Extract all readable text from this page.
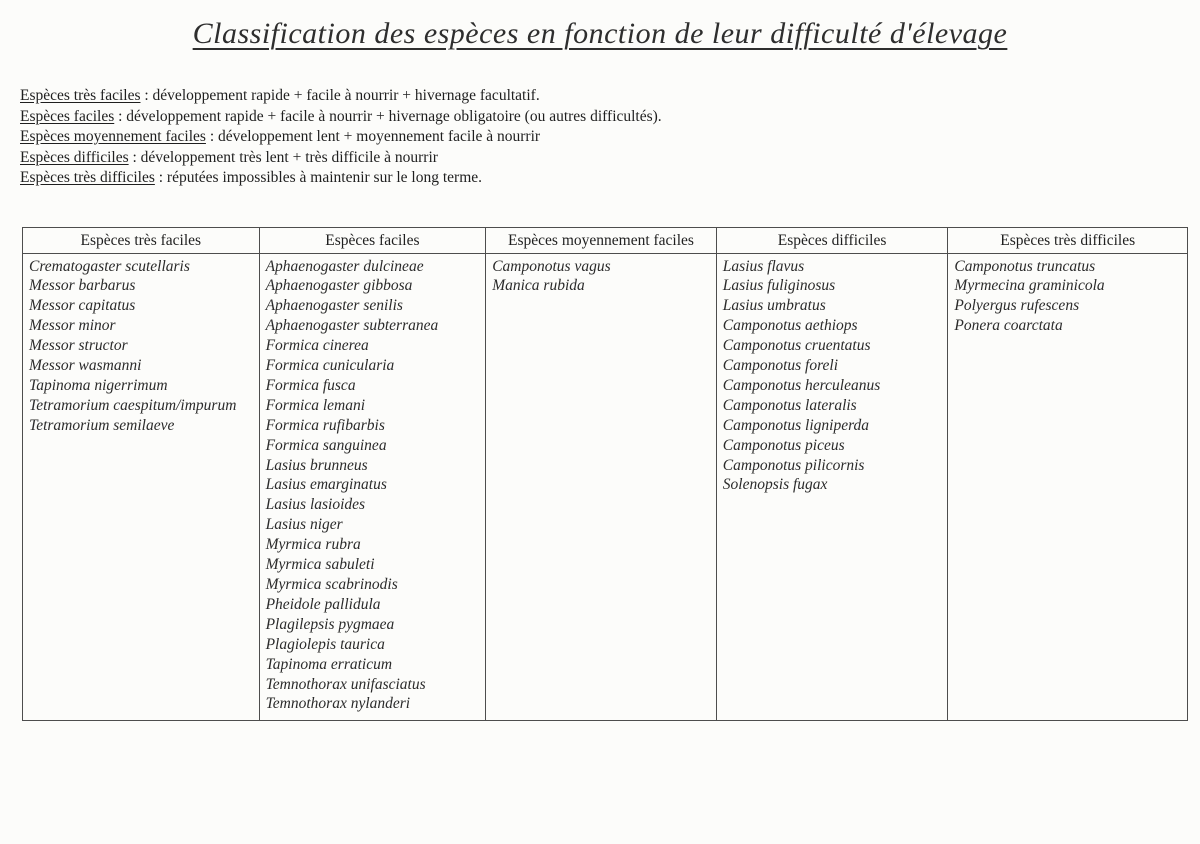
Classification des espèces en fonction de leur difficulté d'élevage
Espèces très faciles : développement rapide + facile à nourrir + hivernage facultatif.
Espèces faciles : développement rapide + facile à nourrir + hivernage obligatoire (ou autres difficultés).
Espèces moyennement faciles : développement lent + moyennement facile à nourrir
Espèces difficiles : développement très lent + très difficile à nourrir
Espèces très difficiles : réputées impossibles à maintenir sur le long terme.
Espèces très faciles
Crematogaster scutellaris
Messor barbarus
Messor capitatus
Messor minor
Messor structor
Messor wasmanni
Tapinoma nigerrimum
Tetramorium caespitum/impurum
Tetramorium semilaeve
Espèces faciles
Aphaenogaster dulcineae
Aphaenogaster gibbosa
Aphaenogaster senilis
Aphaenogaster subterranea
Formica cinerea
Formica cunicularia
Formica fusca
Formica lemani
Formica rufibarbis
Formica sanguinea
Lasius brunneus
Lasius emarginatus
Lasius lasioides
Lasius niger
Myrmica rubra
Myrmica sabuleti
Myrmica scabrinodis
Pheidole pallidula
Plagilepsis pygmaea
Plagiolepis taurica
Tapinoma erraticum
Temnothorax unifasciatus
Temnothorax nylanderi
Espèces moyennement faciles
Camponotus vagus
Manica rubida
Espèces difficiles
Lasius flavus
Lasius fuliginosus
Lasius umbratus
Camponotus aethiops
Camponotus cruentatus
Camponotus foreli
Camponotus herculeanus
Camponotus lateralis
Camponotus ligniperda
Camponotus piceus
Camponotus pilicornis
Solenopsis fugax
Espèces très difficiles
Camponotus truncatus
Myrmecina graminicola
Polyergus rufescens
Ponera coarctata
